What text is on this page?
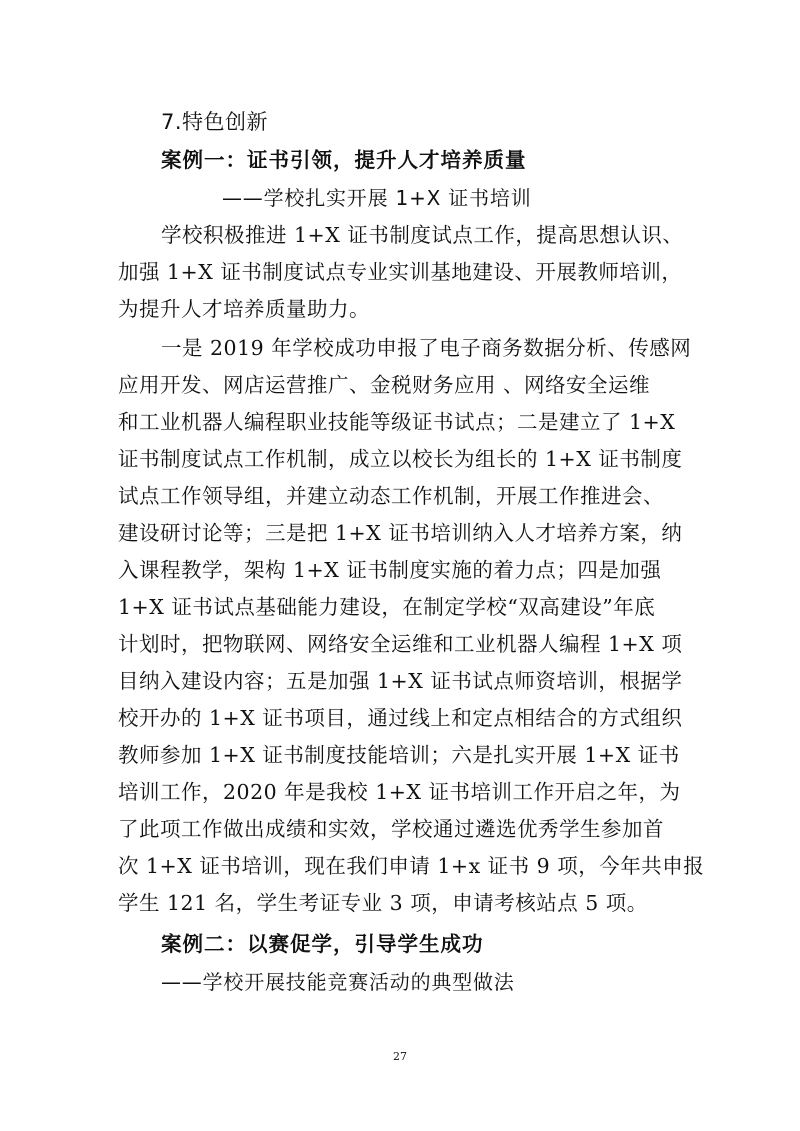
7.特色创新
案例一：证书引领，提升人才培养质量
——学校扎实开展 1+X 证书培训
学校积极推进 1+X 证书制度试点工作，提高思想认识、
加强 1+X 证书制度试点专业实训基地建设、开展教师培训，
为提升人才培养质量助力。
一是 2019 年学校成功申报了电子商务数据分析、传感网
应用开发、网店运营推广、金税财务应用 、网络安全运维
和工业机器人编程职业技能等级证书试点；二是建立了 1+X
证书制度试点工作机制，成立以校长为组长的 1+X 证书制度
试点工作领导组，并建立动态工作机制，开展工作推进会、
建设研讨论等；三是把 1+X 证书培训纳入人才培养方案，纳
入课程教学，架构 1+X 证书制度实施的着力点；四是加强
1+X 证书试点基础能力建设，在制定学校“双高建设”年底
计划时，把物联网、网络安全运维和工业机器人编程 1+X 项
目纳入建设内容；五是加强 1+X 证书试点师资培训，根据学
校开办的 1+X 证书项目，通过线上和定点相结合的方式组织
教师参加 1+X 证书制度技能培训；六是扎实开展 1+X 证书
培训工作，2020 年是我校 1+X 证书培训工作开启之年，为
了此项工作做出成绩和实效，学校通过遴选优秀学生参加首
次 1+X 证书培训，现在我们申请 1+x 证书 9 项，今年共申报
学生 121 名，学生考证专业 3 项，申请考核站点 5 项。
案例二：以赛促学，引导学生成功
——学校开展技能竞赛活动的典型做法
27
